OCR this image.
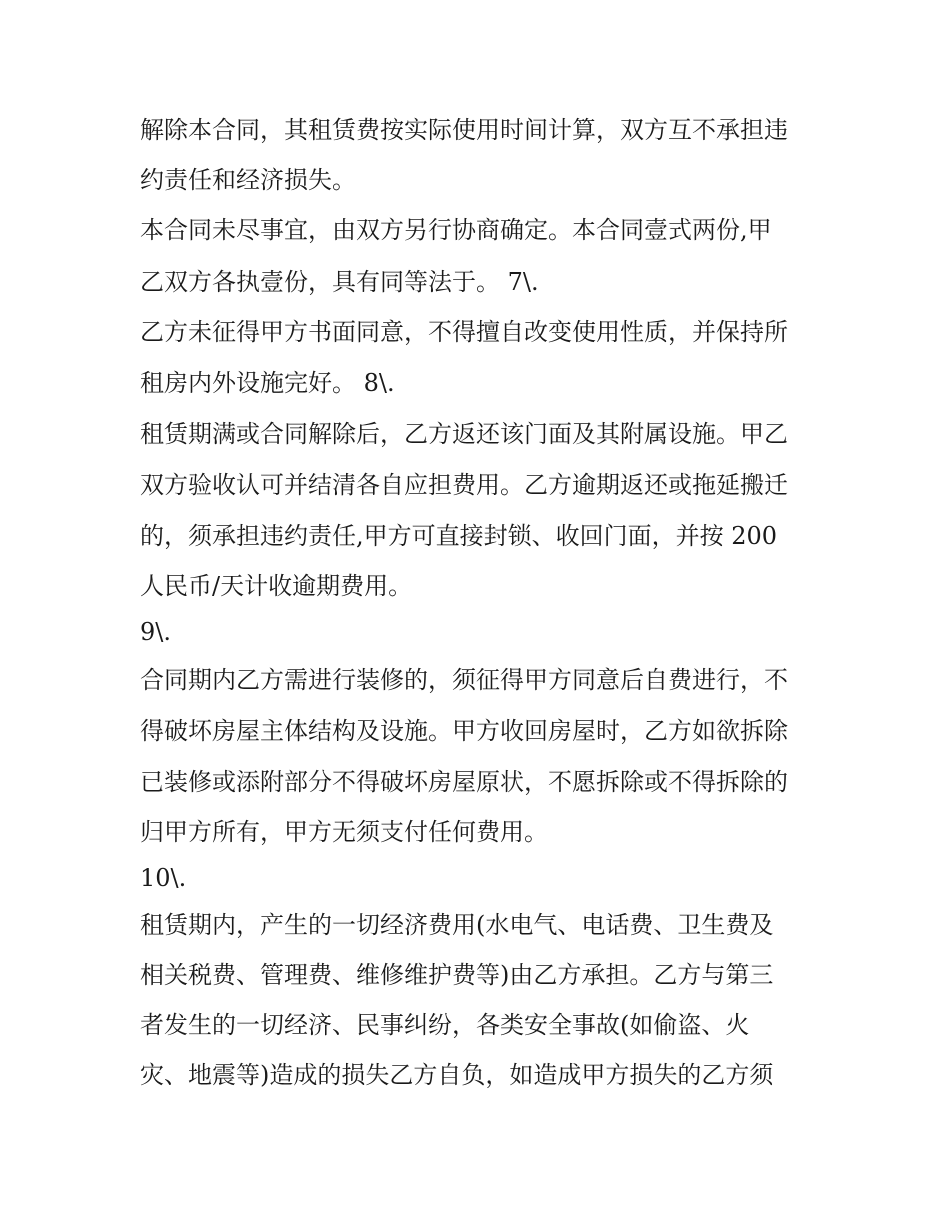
解除本合同，其租赁费按实际使用时间计算，双方互不承担违
约责任和经济损失。
本合同未尽事宜，由双方另行协商确定。本合同壹式两份,甲
乙双方各执壹份，具有同等法于。 7\.
乙方未征得甲方书面同意，不得擅自改变使用性质，并保持所
租房内外设施完好。 8\.
租赁期满或合同解除后，乙方返还该门面及其附属设施。甲乙
双方验收认可并结清各自应担费用。乙方逾期返还或拖延搬迁
的，须承担违约责任,甲方可直接封锁、收回门面，并按 200
人民币/天计收逾期费用。
9\.
合同期内乙方需进行装修的，须征得甲方同意后自费进行，不
得破坏房屋主体结构及设施。甲方收回房屋时，乙方如欲拆除
已装修或添附部分不得破坏房屋原状，不愿拆除或不得拆除的
归甲方所有，甲方无须支付任何费用。
10\.
租赁期内，产生的一切经济费用(水电气、电话费、卫生费及
相关税费、管理费、维修维护费等)由乙方承担。乙方与第三
者发生的一切经济、民事纠纷，各类安全事故(如偷盗、火
灾、地震等)造成的损失乙方自负，如造成甲方损失的乙方须
